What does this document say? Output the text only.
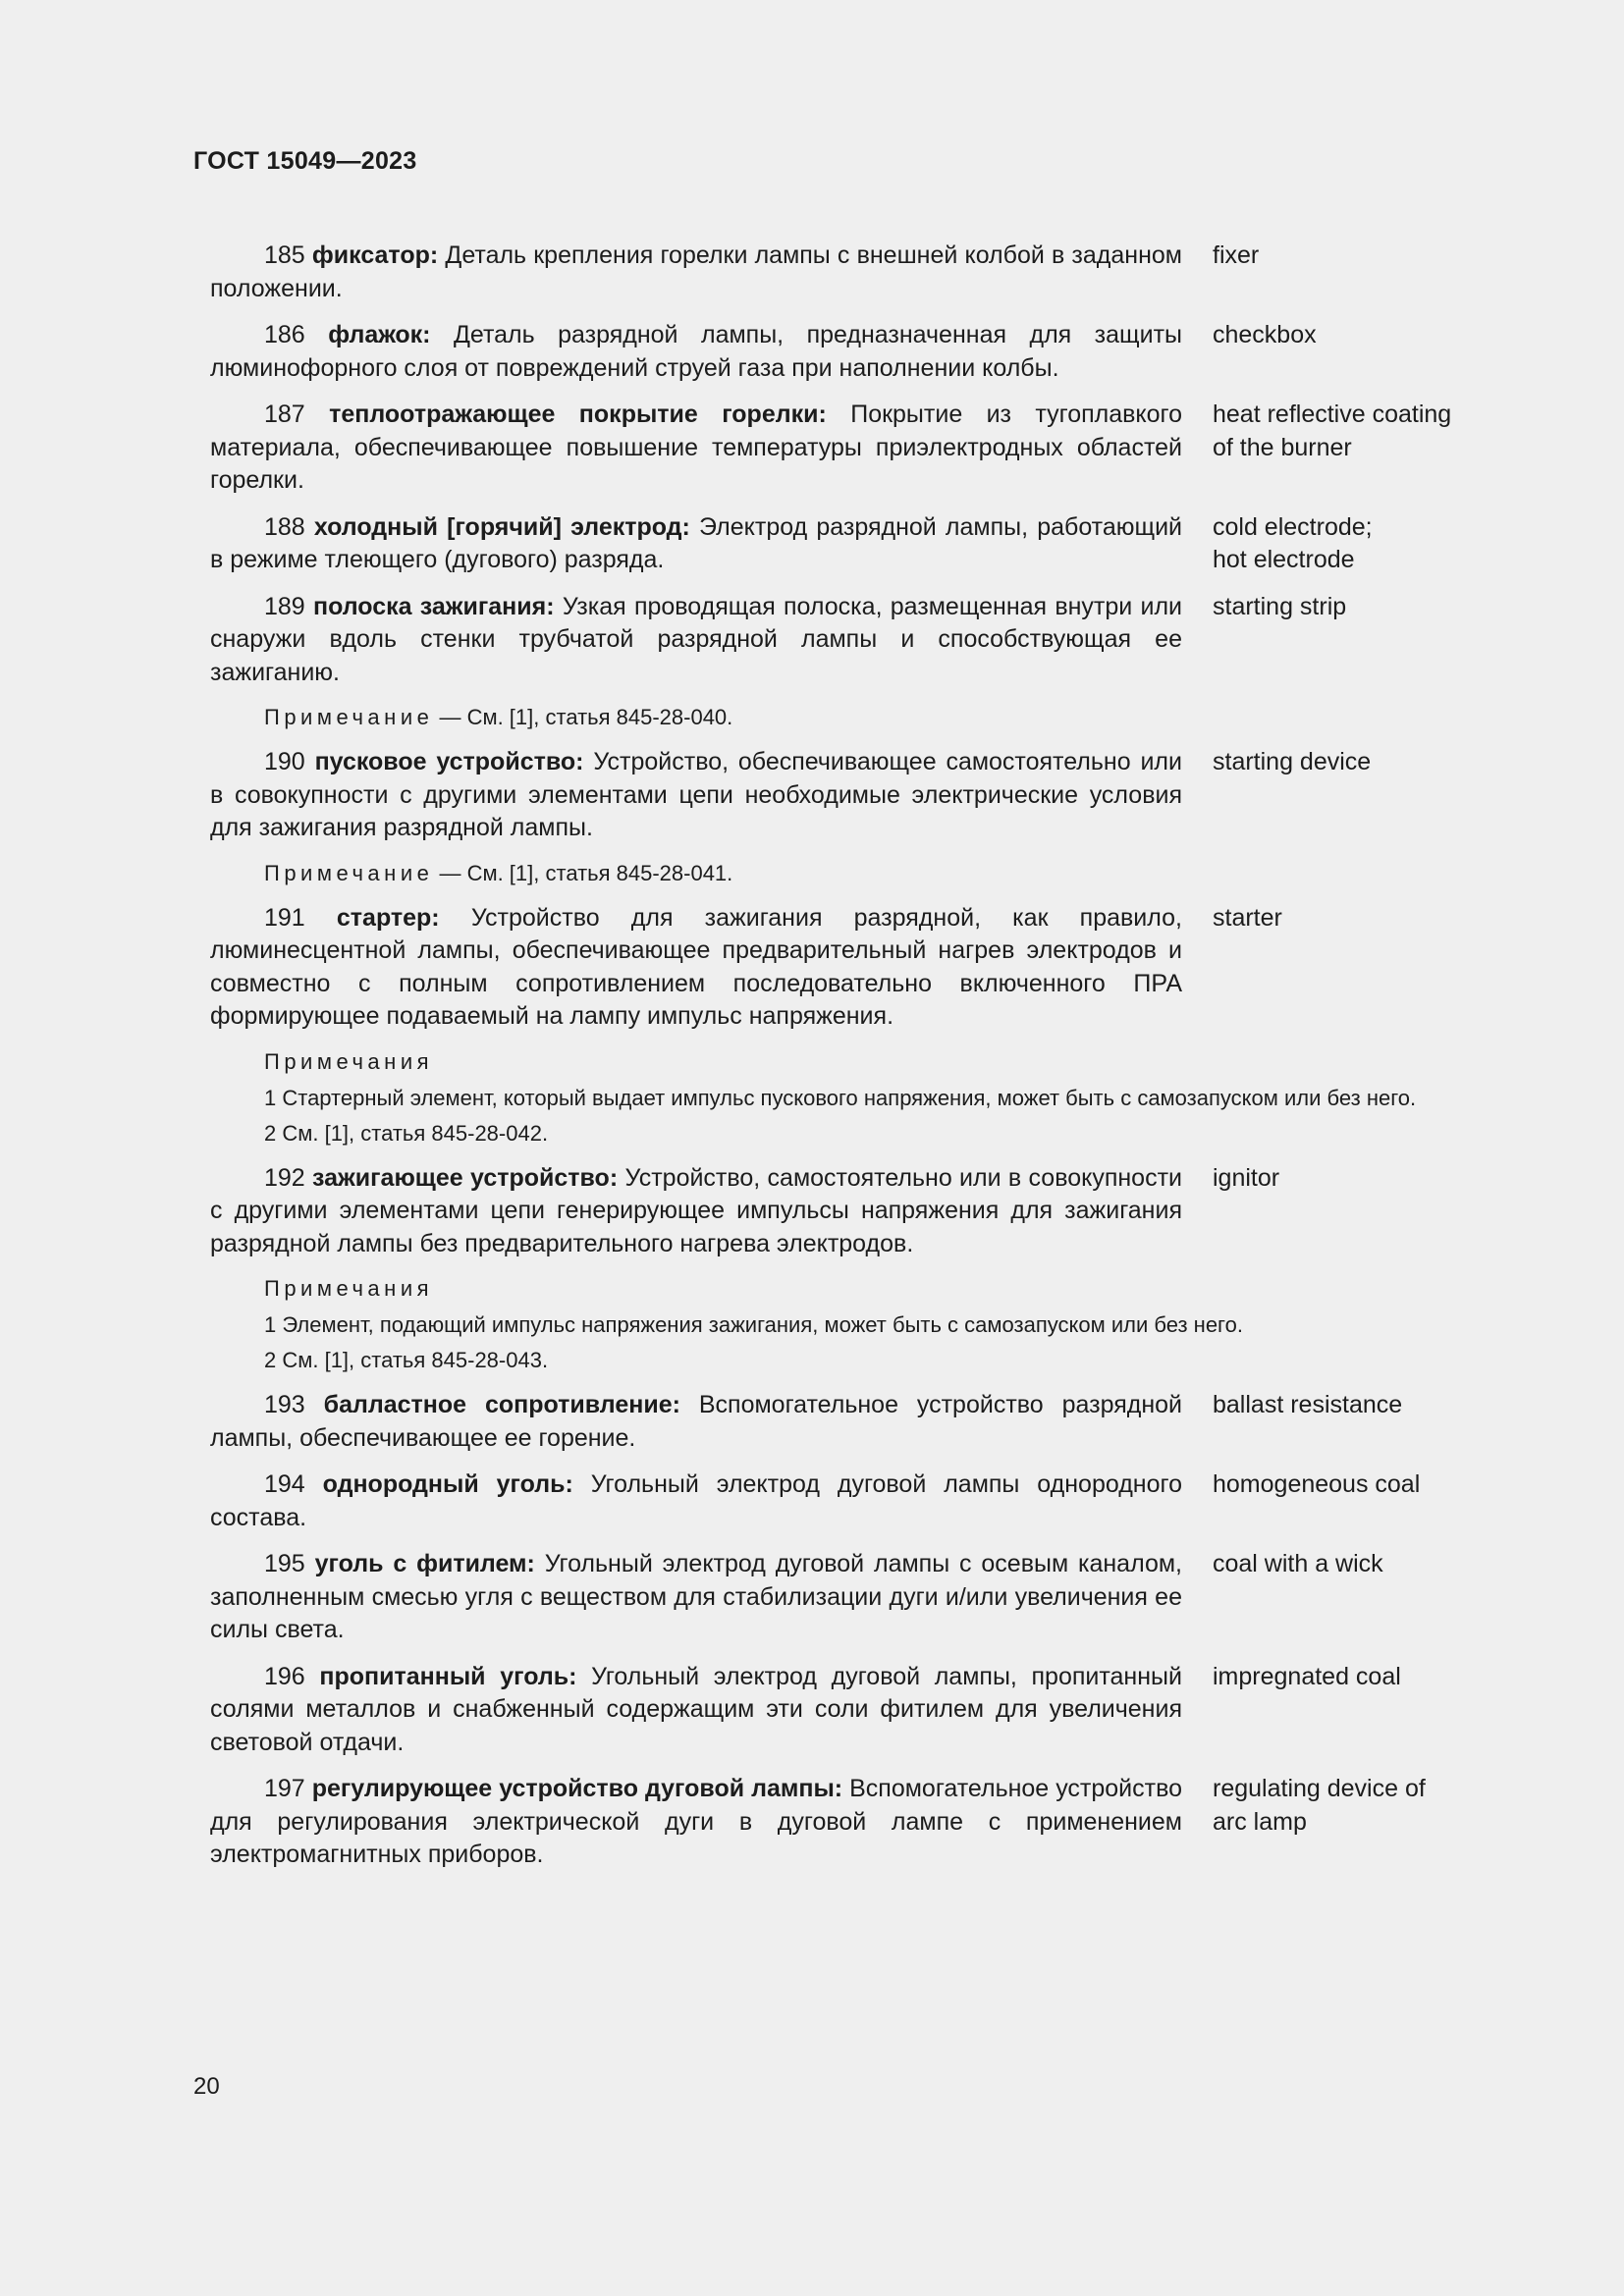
ГОСТ 15049—2023
185 фиксатор: Деталь крепления горелки лампы с внешней колбой в заданном положении.
fixer
186 флажок: Деталь разрядной лампы, предназначенная для защиты люминофорного слоя от повреждений струей газа при наполнении колбы.
checkbox
187 теплоотражающее покрытие горелки: Покрытие из тугоплавкого материала, обеспечивающее повышение температуры приэлектродных областей горелки.
heat reflective coating
of the burner
188 холодный [горячий] электрод: Электрод разрядной лампы, работающий в режиме тлеющего (дугового) разряда.
cold electrode;
hot electrode
189 полоска зажигания: Узкая проводящая полоска, размещенная внутри или снаружи вдоль стенки трубчатой разрядной лампы и способствующая ее зажиганию.
starting strip
Примечание — См. [1], статья 845-28-040.
190 пусковое устройство: Устройство, обеспечивающее самостоятельно или в совокупности с другими элементами цепи необходимые электрические условия для зажигания разрядной лампы.
starting device
Примечание — См. [1], статья 845-28-041.
191 стартер: Устройство для зажигания разрядной, как правило, люминесцентной лампы, обеспечивающее предварительный нагрев электродов и совместно с полным сопротивлением последовательно включенного ПРА формирующее подаваемый на лампу импульс напряжения.
starter
Примечания
1 Стартерный элемент, который выдает импульс пускового напряжения, может быть с самозапуском или без него.
2 См. [1], статья 845-28-042.
192 зажигающее устройство: Устройство, самостоятельно или в совокупности с другими элементами цепи генерирующее импульсы напряжения для зажигания разрядной лампы без предварительного нагрева электродов.
ignitor
Примечания
1 Элемент, подающий импульс напряжения зажигания, может быть с самозапуском или без него.
2 См. [1], статья 845-28-043.
193 балластное сопротивление: Вспомогательное устройство разрядной лампы, обеспечивающее ее горение.
ballast resistance
194 однородный уголь: Угольный электрод дуговой лампы однородного состава.
homogeneous coal
195 уголь с фитилем: Угольный электрод дуговой лампы с осевым каналом, заполненным смесью угля с веществом для стабилизации дуги и/или увеличения ее силы света.
coal with a wick
196 пропитанный уголь: Угольный электрод дуговой лампы, пропитанный солями металлов и снабженный содержащим эти соли фитилем для увеличения световой отдачи.
impregnated coal
197 регулирующее устройство дуговой лампы: Вспомогательное устройство для регулирования электрической дуги в дуговой лампе с применением электромагнитных приборов.
regulating device of
arc lamp
20
